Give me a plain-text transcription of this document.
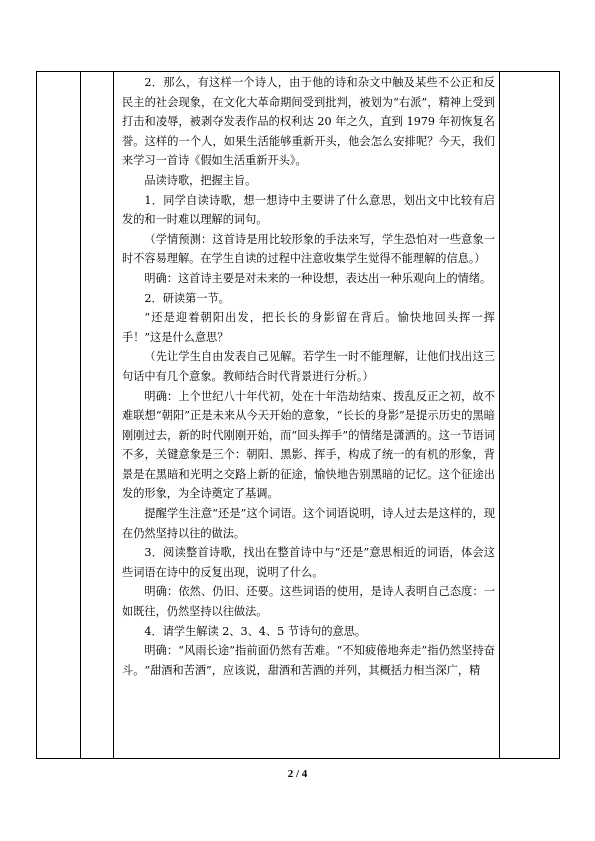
2．那么，有这样一个诗人，由于他的诗和杂文中触及某些不公正和反民主的社会现象，在文化大革命期间受到批判，被划为“右派”，精神上受到打击和凌辱，被剥夺发表作品的权利达 20 年之久，直到 1979 年初恢复名誉。这样的一个人，如果生活能够重新开头，他会怎么安排呢？今天，我们来学习一首诗《假如生活重新开头》。

品读诗歌，把握主旨。

1．同学自读诗歌，想一想诗中主要讲了什么意思，划出文中比较有启发的和一时难以理解的词句。

（学情预测：这首诗是用比较形象的手法来写，学生恐怕对一些意象一时不容易理解。在学生自读的过程中注意收集学生觉得不能理解的信息。）

明确：这首诗主要是对未来的一种设想，表达出一种乐观向上的情绪。

2．研读第一节。

“还是迎着朝阳出发，把长长的身影留在背后。愉快地回头挥一挥手！”这是什么意思？

（先让学生自由发表自己见解。若学生一时不能理解，让他们找出这三句话中有几个意象。教师结合时代背景进行分析。）

明确：上个世纪八十年代初，处在十年浩劫结束、拨乱反正之初，故不难联想“朝阳”正是未来从今天开始的意象，“长长的身影”是提示历史的黑暗刚刚过去，新的时代刚刚开始，而“回头挥手”的情绪是潇洒的。这一节语词不多，关键意象是三个：朝阳、黑影、挥手，构成了统一的有机的形象，背景是在黑暗和光明之交路上新的征途，愉快地告别黑暗的记忆。这个征途出发的形象，为全诗奠定了基调。

提醒学生注意“还是”这个词语。这个词语说明，诗人过去是这样的，现在仍然坚持以往的做法。

3．阅读整首诗歌，找出在整首诗中与“还是”意思相近的词语，体会这些词语在诗中的反复出现，说明了什么。

明确：依然、仍旧、还要。这些词语的使用，是诗人表明自己态度：一如既往，仍然坚持以往做法。

4．请学生解读 2、3、4、5 节诗句的意思。

明确：“风雨长途”指前面仍然有苦难。“不知疲倦地奔走”指仍然坚持奋斗。“甜酒和苦酒”，应该说，甜酒和苦酒的并列，其概括力相当深广，精

2 / 4
